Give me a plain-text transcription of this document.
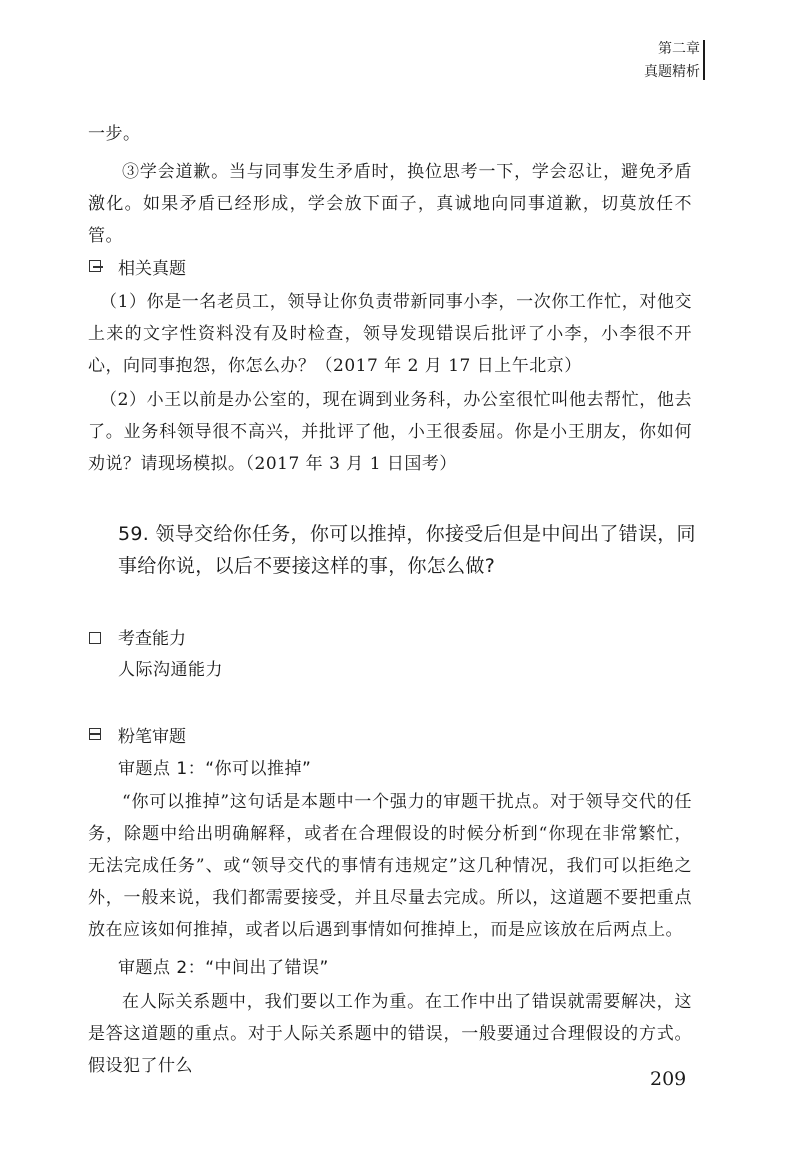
第二章
真题精析

一步。

③学会道歉。当与同事发生矛盾时，换位思考一下，学会忍让，避免矛盾激化。如果矛盾已经形成，学会放下面子，真诚地向同事道歉，切莫放任不管。

相关真题

（1）你是一名老员工，领导让你负责带新同事小李，一次你工作忙，对他交上来的文字性资料没有及时检查，领导发现错误后批评了小李，小李很不开心，向同事抱怨，你怎么办？（2017 年 2 月 17 日上午北京）

（2）小王以前是办公室的，现在调到业务科，办公室很忙叫他去帮忙，他去了。业务科领导很不高兴，并批评了他，小王很委屈。你是小王朋友，你如何劝说？请现场模拟。（2017 年 3 月 1 日国考）

59. 领导交给你任务，你可以推掉，你接受后但是中间出了错误，同事给你说，以后不要接这样的事，你怎么做?

考查能力

人际沟通能力

粉笔审题

审题点 1：“你可以推掉”

“你可以推掉”这句话是本题中一个强力的审题干扰点。对于领导交代的任务，除题中给出明确解释，或者在合理假设的时候分析到“你现在非常繁忙，无法完成任务”、或“领导交代的事情有违规定”这几种情况，我们可以拒绝之外，一般来说，我们都需要接受，并且尽量去完成。所以，这道题不要把重点放在应该如何推掉，或者以后遇到事情如何推掉上，而是应该放在后两点上。

审题点 2：“中间出了错误”

在人际关系题中，我们要以工作为重。在工作中出了错误就需要解决，这是答这道题的重点。对于人际关系题中的错误，一般要通过合理假设的方式。假设犯了什么

209
